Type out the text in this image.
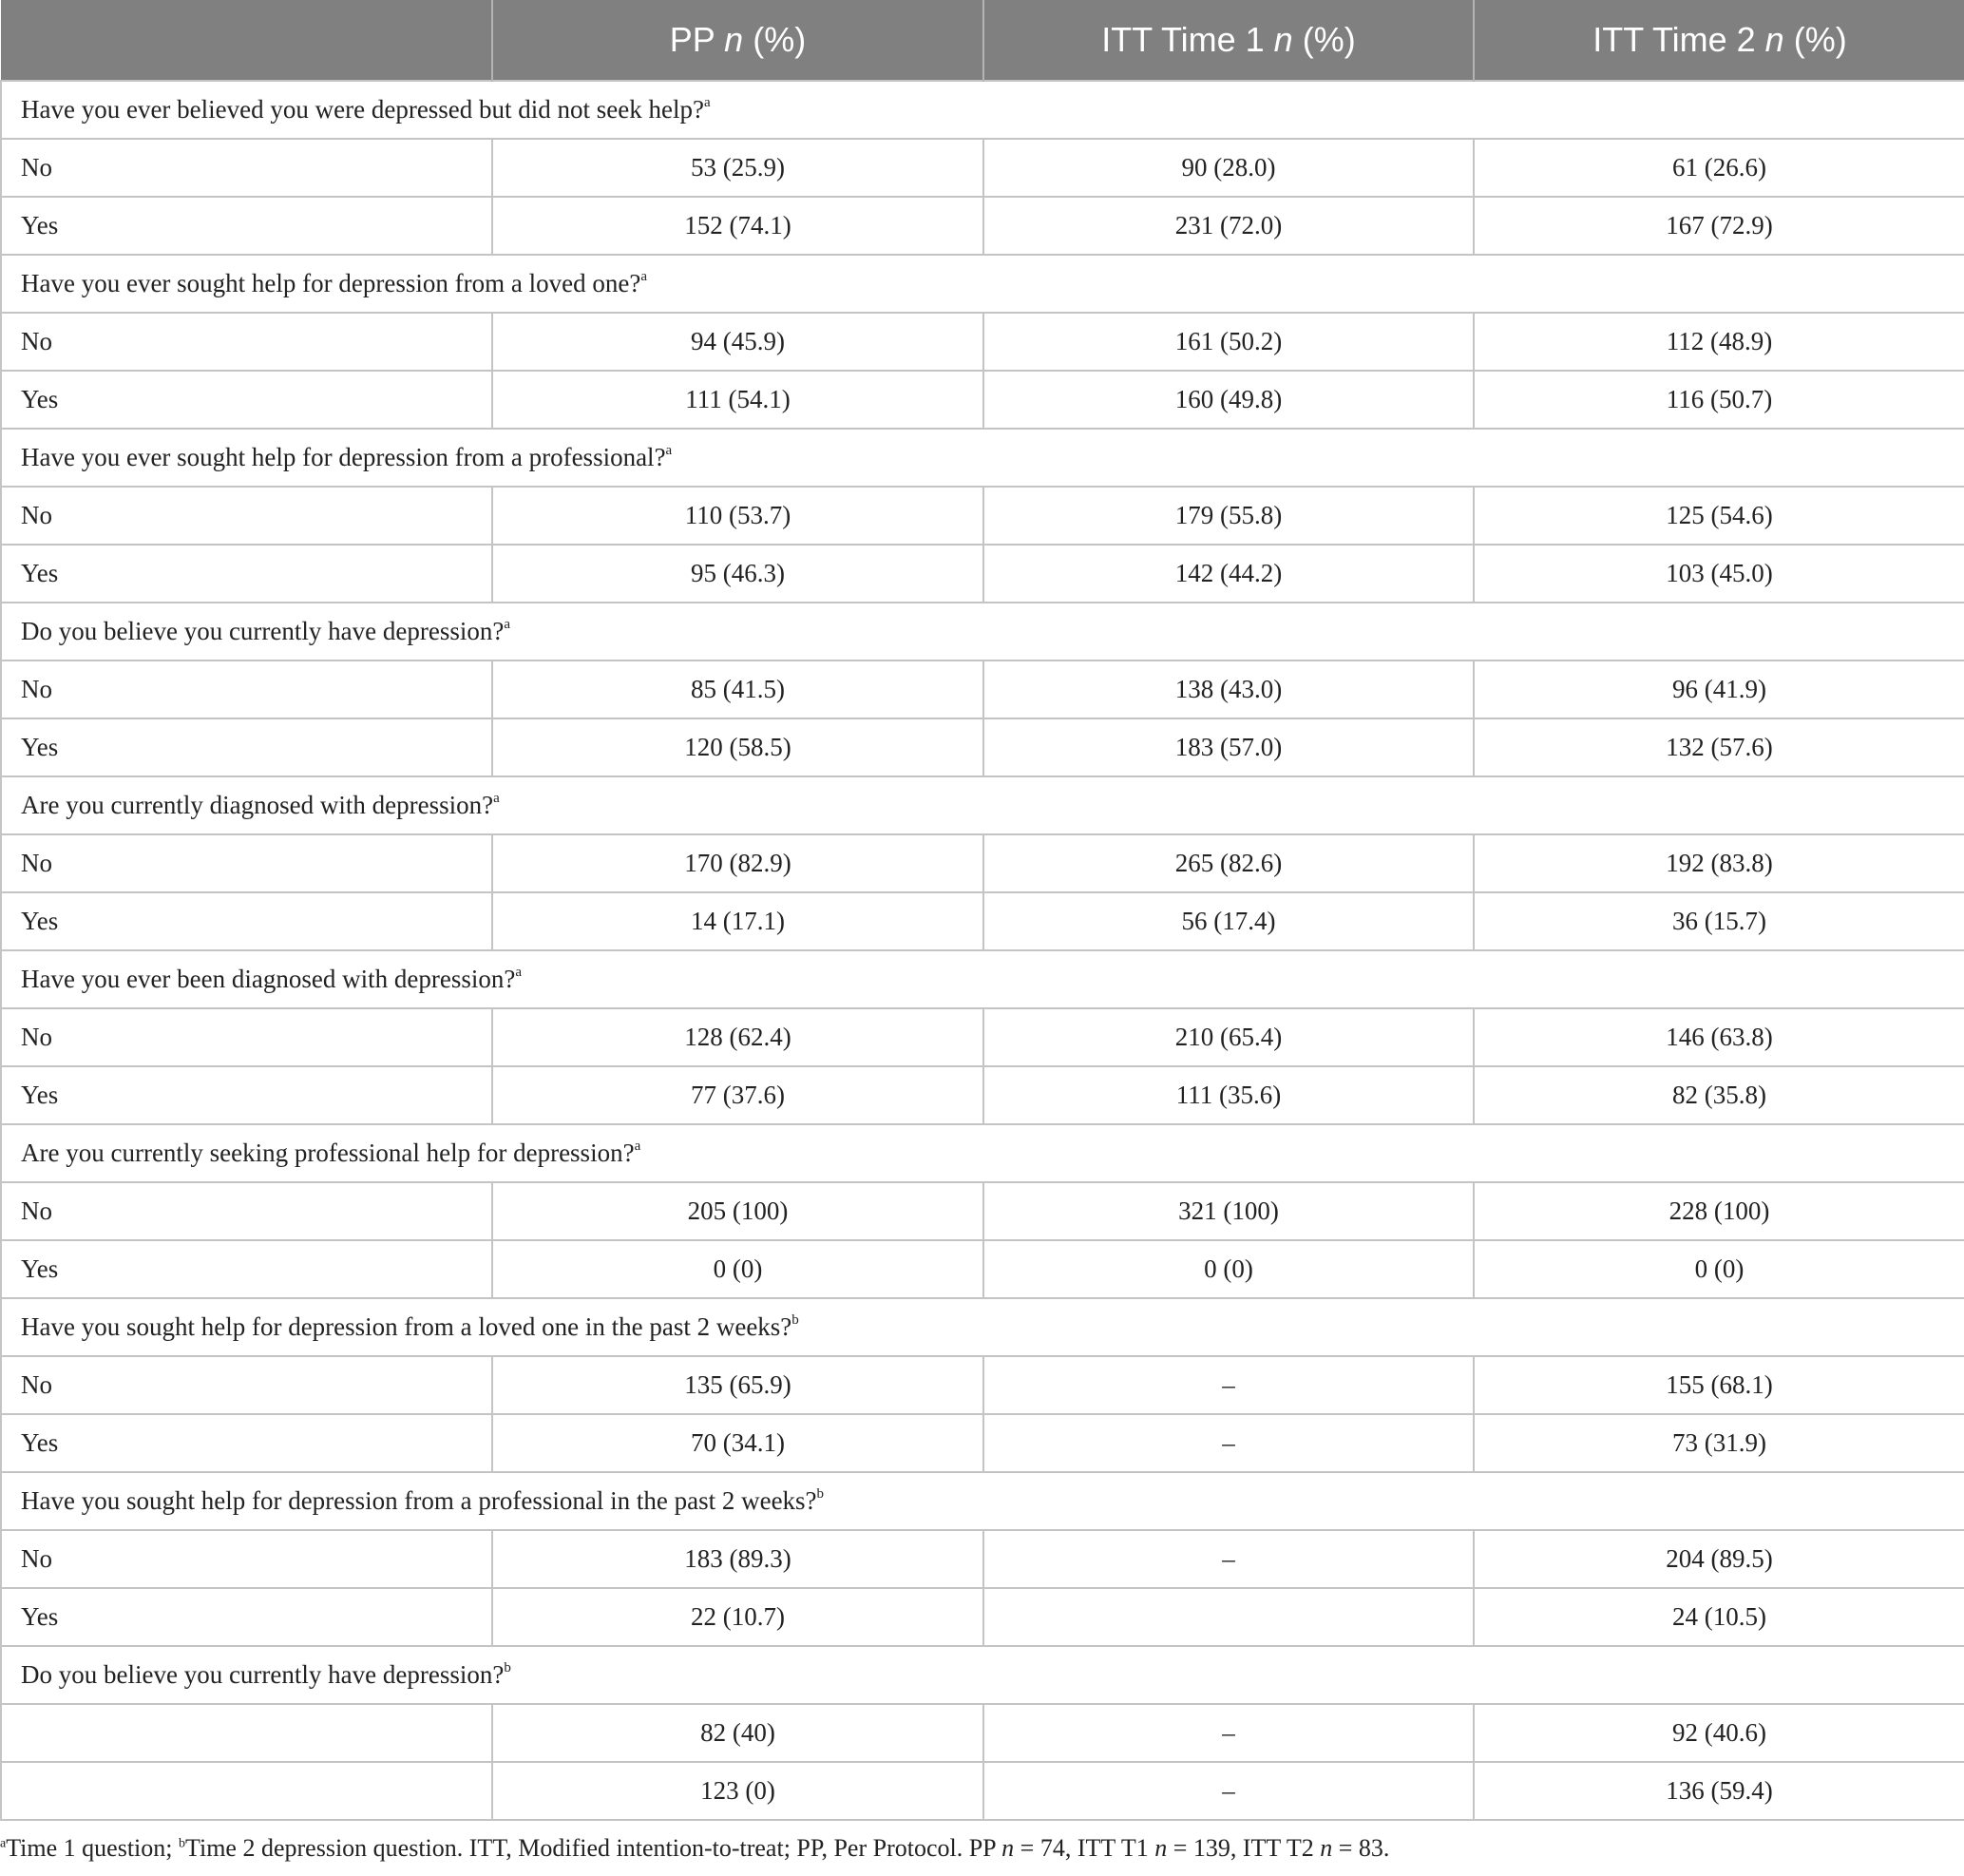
	PP n (%)	ITT Time 1 n (%)	ITT Time 2 n (%)
Have you ever believed you were depressed but did not seek help?$^a$
No	53 (25.9)	90 (28.0)	61 (26.6)
Yes	152 (74.1)	231 (72.0)	167 (72.9)
Have you ever sought help for depression from a loved one?$^a$
No	94 (45.9)	161 (50.2)	112 (48.9)
Yes	111 (54.1)	160 (49.8)	116 (50.7)
Have you ever sought help for depression from a professional?$^a$
No	110 (53.7)	179 (55.8)	125 (54.6)
Yes	95 (46.3)	142 (44.2)	103 (45.0)
Do you believe you currently have depression?$^a$
No	85 (41.5)	138 (43.0)	96 (41.9)
Yes	120 (58.5)	183 (57.0)	132 (57.6)
Are you currently diagnosed with depression?$^a$
No	170 (82.9)	265 (82.6)	192 (83.8)
Yes	14 (17.1)	56 (17.4)	36 (15.7)
Have you ever been diagnosed with depression?$^a$
No	128 (62.4)	210 (65.4)	146 (63.8)
Yes	77 (37.6)	111 (35.6)	82 (35.8)
Are you currently seeking professional help for depression?$^a$
No	205 (100)	321 (100)	228 (100)
Yes	0 (0)	0 (0)	0 (0)
Have you sought help for depression from a loved one in the past 2 weeks?$^b$
No	135 (65.9)	–	155 (68.1)
Yes	70 (34.1)	–	73 (31.9)
Have you sought help for depression from a professional in the past 2 weeks?$^b$
No	183 (89.3)	–	204 (89.5)
Yes	22 (10.7)		24 (10.5)
Do you believe you currently have depression?$^b$
	82 (40)	–	92 (40.6)
	123 (0)	–	136 (59.4)
$^a$Time 1 question; $^b$Time 2 depression question. ITT, Modified intention-to-treat; PP, Per Protocol. PP n = 74, ITT T1 n = 139, ITT T2 n = 83.
